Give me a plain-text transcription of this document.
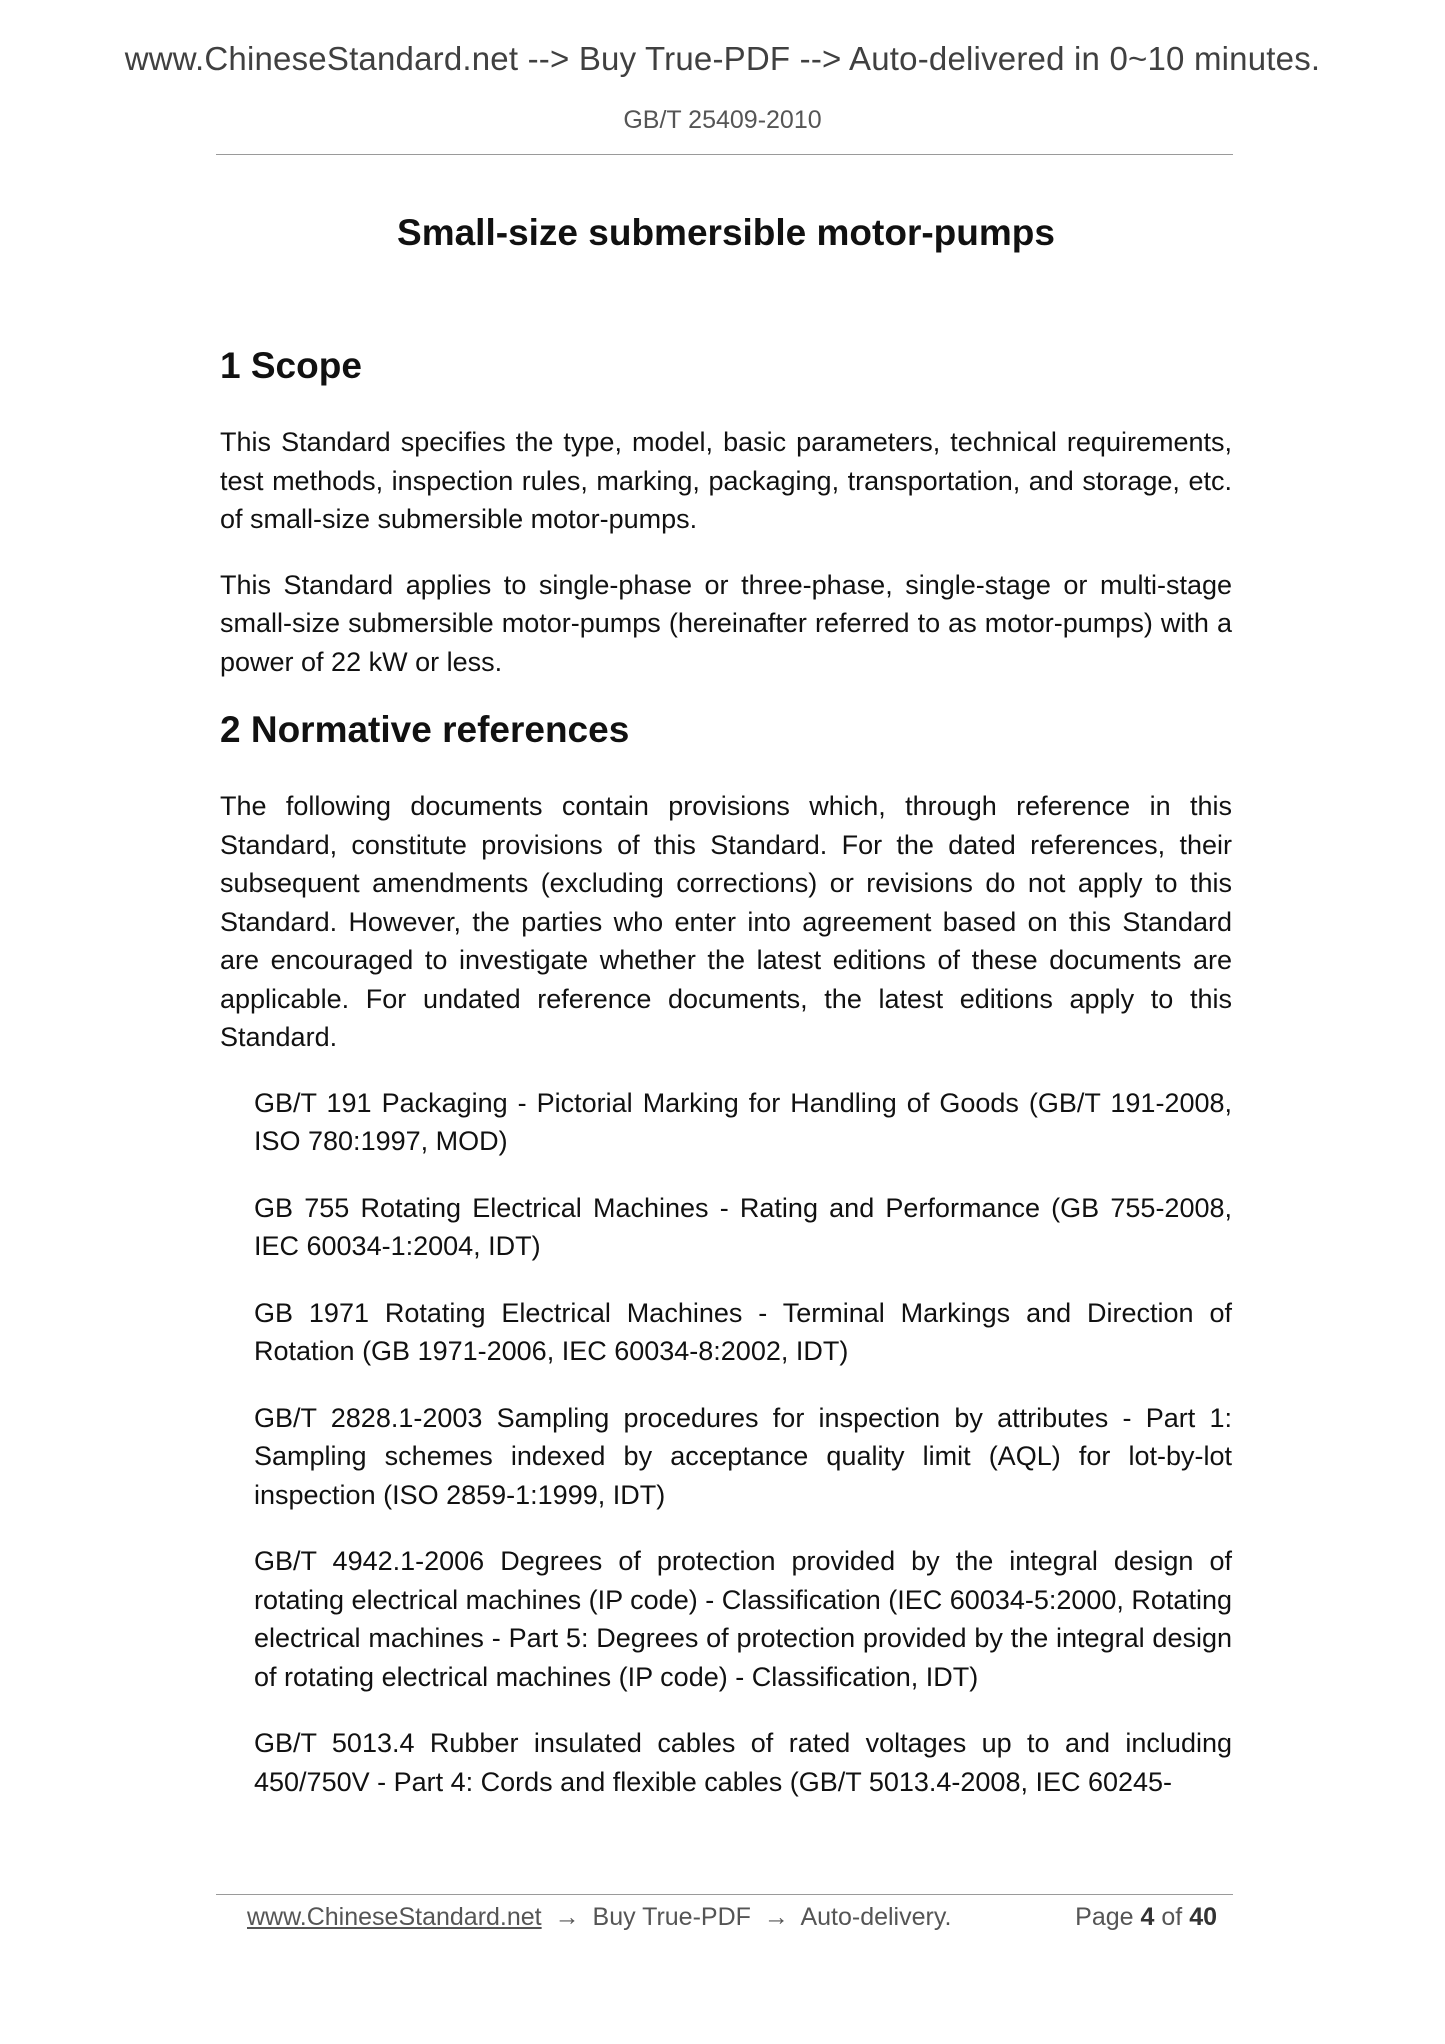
www.ChineseStandard.net --> Buy True-PDF --> Auto-delivered in 0~10 minutes.
GB/T 25409-2010
Small-size submersible motor-pumps
1 Scope

This Standard specifies the type, model, basic parameters, technical requirements, test methods, inspection rules, marking, packaging, transportation, and storage, etc. of small-size submersible motor-pumps.

This Standard applies to single-phase or three-phase, single-stage or multi-stage small-size submersible motor-pumps (hereinafter referred to as motor-pumps) with a power of 22 kW or less.

2 Normative references

The following documents contain provisions which, through reference in this Standard, constitute provisions of this Standard. For the dated references, their subsequent amendments (excluding corrections) or revisions do not apply to this Standard. However, the parties who enter into agreement based on this Standard are encouraged to investigate whether the latest editions of these documents are applicable. For undated reference documents, the latest editions apply to this Standard.

GB/T 191 Packaging - Pictorial Marking for Handling of Goods (GB/T 191-2008, ISO 780:1997, MOD)
GB 755 Rotating Electrical Machines - Rating and Performance (GB 755-2008, IEC 60034-1:2004, IDT)
GB 1971 Rotating Electrical Machines - Terminal Markings and Direction of Rotation (GB 1971-2006, IEC 60034-8:2002, IDT)
GB/T 2828.1-2003 Sampling procedures for inspection by attributes - Part 1: Sampling schemes indexed by acceptance quality limit (AQL) for lot-by-lot inspection (ISO 2859-1:1999, IDT)
GB/T 4942.1-2006 Degrees of protection provided by the integral design of rotating electrical machines (IP code) - Classification (IEC 60034-5:2000, Rotating electrical machines - Part 5: Degrees of protection provided by the integral design of rotating electrical machines (IP code) - Classification, IDT)
GB/T 5013.4 Rubber insulated cables of rated voltages up to and including 450/750V - Part 4: Cords and flexible cables (GB/T 5013.4-2008, IEC 60245-
www.ChineseStandard.net → Buy True-PDF → Auto-delivery.	Page 4 of 40
